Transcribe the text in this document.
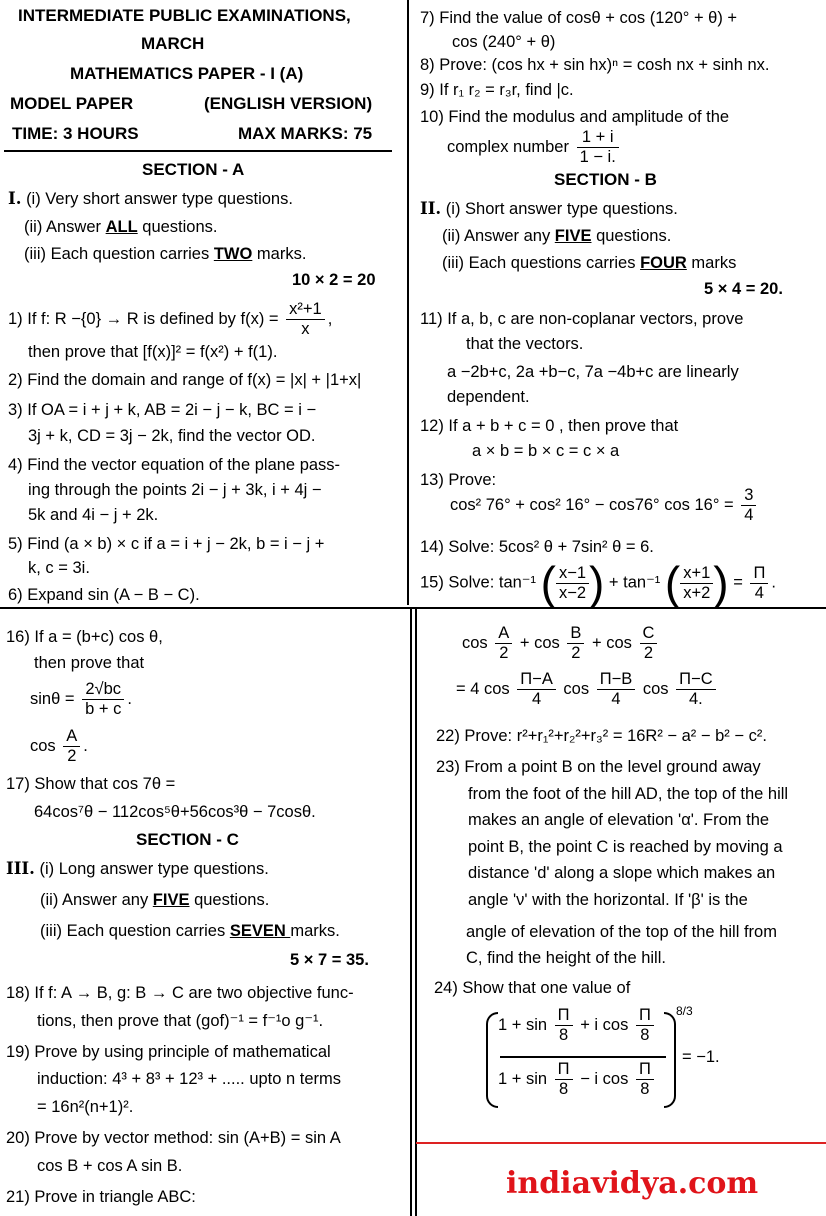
INTERMEDIATE PUBLIC EXAMINATIONS,
MARCH
MATHEMATICS PAPER - I (A)
MODEL PAPER	(ENGLISH VERSION)
TIME: 3 HOURS	MAX MARKS: 75
SECTION - A
I. (i) Very short answer type questions.
(ii) Answer ALL questions.
(iii) Each question carries TWO marks.
10 × 2 = 20
1) If f: R −{0} → R is defined by $f(x) = \frac{\text{x²+1}}{x}$ ,
then prove that [f(x)]² = f(x²) + f(1).
2) Find the domain and range of f(x) = |x| + |1+x|
3) If OA = i + j + k, AB = 2i − j − k, BC = i −
3j + k, CD = 3j − 2k, find the vector OD.
4) Find the vector equation of the plane pass-
ing through the points 2i − j + 3k, i + 4j −
5k and 4i − j + 2k.
5) Find (a × b) × c if a = i + j − 2k, b = i − j +
k, c = 3i.
6) Expand sin (A − B − C).
7) Find the value of cosθ + cos (120° + θ) +
cos (240° + θ)
8) Prove: (cos hx + sin hx)ⁿ = cosh nx + sinh nx.
9) If r₁ r₂ = r₃r, find |c.
10) Find the modulus and amplitude of the
complex number $\frac{1 + i}{1 - i.}$
SECTION - B
II. (i) Short answer type questions.
(ii) Answer any FIVE questions.
(iii) Each questions carries FOUR marks
5 × 4 = 20.
11) If a, b, c are non-coplanar vectors, prove
that the vectors.
a −2b+c, 2a +b−c, 7a −4b+c are linearly
dependent.
12) If a + b + c = 0 , then prove that
a × b = b × c = c × a
13) Prove:
cos² 76° + cos² 16° − cos76° $\cos 16^\circ = \frac{3}{4}$
14) Solve: 5cos² θ + 7sin² θ = 6.
15) Solve: tan⁻¹ ( $\frac{x-1}{x-2}$ ) + tan⁻¹ ( $\frac{x+1}{x+2}$ ) = $\frac{\Pi}{4}$ .
16) If a = (b+c) cos θ,
then prove that
$\sin\theta = \frac{2√bc}{b + c}$ .
$\cos \frac{A}{2}$ .
17) Show that cos 7θ =
64cos⁷θ − 112cos⁵θ+56cos³θ − 7cosθ.
SECTION - C
III. (i) Long answer type questions.
(ii) Answer any FIVE questions.
(iii) Each question carries SEVEN marks.
5 × 7 = 35.
18) If f: A → B, g: B → C are two objective func-
tions, then prove that (gof)⁻¹ = f⁻¹o g⁻¹.
19) Prove by using principle of mathematical
induction: 4³ + 8³ + 12³ + ..... upto n terms
= 16n²(n+1)².
20) Prove by vector method: sin (A+B) = sin A
cos B + cos A sin B.
21) Prove in triangle ABC:
$\cos \frac{A}{2} + \cos \frac{B}{2} + \cos \frac{C}{2}$
= 4 $\cos \frac{\Pi-A}{4}$ $\cos \frac{\Pi-B}{4}$ $\cos \frac{\Pi-C}{4.}$
22) Prove: r²+r₁²+r₂²+r₃² = 16R² − a² − b² − c².
23) From a point B on the level ground away
from the foot of the hill AD, the top of the hill
makes an angle of elevation 'α'. From the
point B, the point C is reached by moving a
distance 'd' along a slope which makes an
angle 'ν' with the horizontal. If 'β' is the
angle of elevation of the top of the hill from
C, find the height of the hill.
24) Show that one value of
$1 + \sin \frac{\Pi}{8} + i$ $\cos \frac{\Pi}{8}$
$1 + \sin \frac{\Pi}{8} - i$ $\cos \frac{\Pi}{8}$
8/3
= −1.
indiavidya.com
